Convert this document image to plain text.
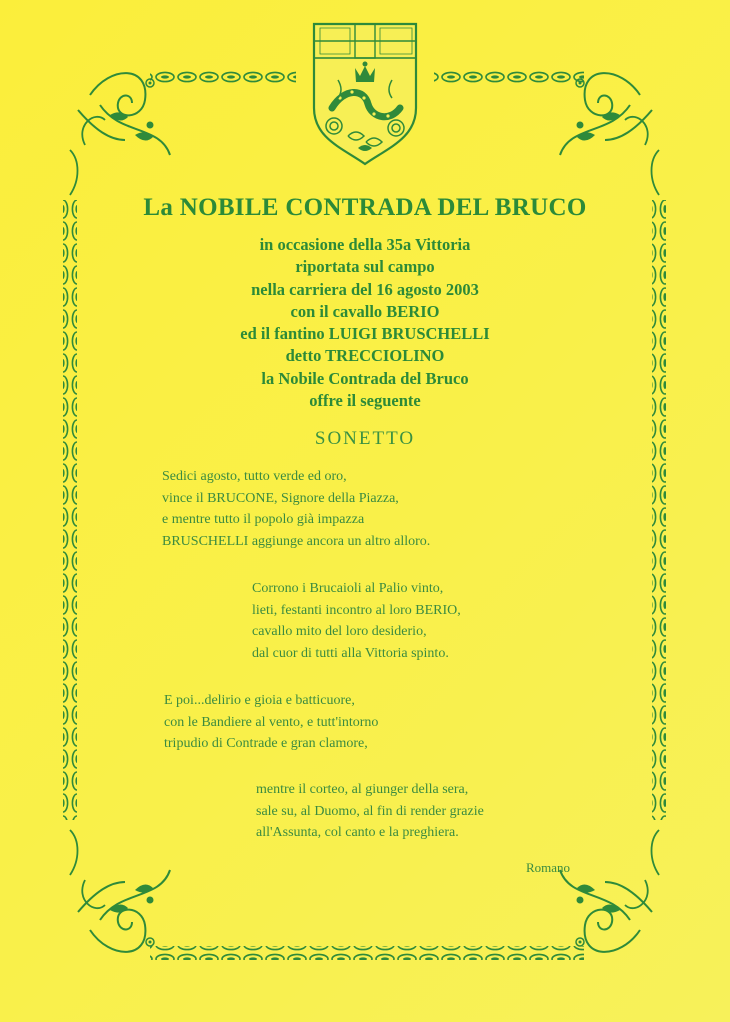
La NOBILE CONTRADA DEL BRUCO
in occasione della 35a Vittoria
riportata sul campo
nella carriera del 16 agosto 2003
con il cavallo BERIO
ed il fantino LUIGI BRUSCHELLI
detto TRECCIOLINO
la Nobile Contrada del Bruco
offre il seguente
SONETTO
Sedici agosto, tutto verde ed oro,
vince il BRUCONE, Signore della Piazza,
e mentre tutto il popolo già impazza
BRUSCHELLI aggiunge ancora un altro alloro.
Corrono i Brucaioli al Palio vinto,
lieti, festanti incontro al loro BERIO,
cavallo mito del loro desiderio,
dal cuor di tutti alla Vittoria spinto.
E poi...delirio e gioia e batticuore,
con le Bandiere al vento, e tutt'intorno
tripudio di Contrade e gran clamore,
mentre il corteo, al giunger della sera,
sale su, al Duomo, al fin di render grazie
all'Assunta, col canto e la preghiera.
Romano
